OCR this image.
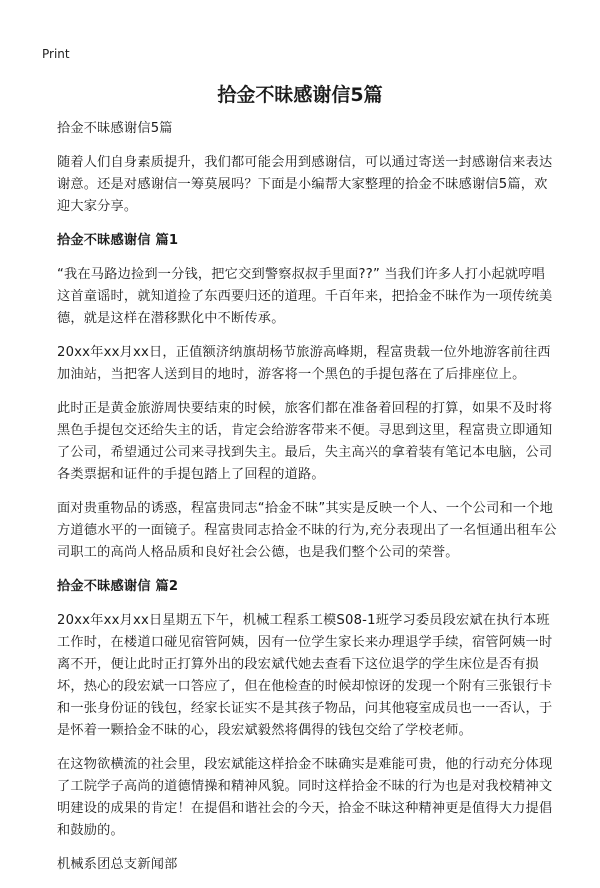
Print
拾金不昧感谢信5篇

拾金不昧感谢信5篇

随着人们自身素质提升，我们都可能会用到感谢信，可以通过寄送一封感谢信来表达谢意。还是对感谢信一筹莫展吗？下面是小编帮大家整理的拾金不昧感谢信5篇，欢迎大家分享。

拾金不昧感谢信 篇1

“我在马路边捡到一分钱，把它交到警察叔叔手里面??” 当我们许多人打小起就哼唱这首童谣时，就知道捡了东西要归还的道理。千百年来，把拾金不昧作为一项传统美德，就是这样在潜移默化中不断传承。

20xx年xx月xx日，正值额济纳旗胡杨节旅游高峰期，程富贵载一位外地游客前往西加油站，当把客人送到目的地时，游客将一个黑色的手提包落在了后排座位上。

此时正是黄金旅游周快要结束的时候，旅客们都在准备着回程的打算，如果不及时将黑色手提包交还给失主的话，肯定会给游客带来不便。寻思到这里，程富贵立即通知了公司，希望通过公司来寻找到失主。最后，失主高兴的拿着装有笔记本电脑，公司各类票据和证件的手提包踏上了回程的道路。

面对贵重物品的诱惑，程富贵同志“拾金不昧”其实是反映一个人、一个公司和一个地方道德水平的一面镜子。程富贵同志拾金不昧的行为,充分表现出了一名恒通出租车公司职工的高尚人格品质和良好社会公德，也是我们整个公司的荣誉。

拾金不昧感谢信 篇2

20xx年xx月xx日星期五下午，机械工程系工模S08-1班学习委员段宏斌在执行本班工作时，在楼道口碰见宿管阿姨，因有一位学生家长来办理退学手续，宿管阿姨一时离不开，便让此时正打算外出的段宏斌代她去查看下这位退学的学生床位是否有损坏，热心的段宏斌一口答应了，但在他检查的时候却惊讶的发现一个附有三张银行卡和一张身份证的钱包，经家长证实不是其孩子物品，问其他寝室成员也一一否认，于是怀着一颗拾金不昧的心，段宏斌毅然将偶得的钱包交给了学校老师。

在这物欲横流的社会里，段宏斌能这样拾金不昧确实是难能可贵，他的行动充分体现了工院学子高尚的道德情操和精神风貌。同时这样拾金不昧的行为也是对我校精神文明建设的成果的肯定！在提倡和谐社会的今天，拾金不昧这种精神更是值得大力提倡和鼓励的。

机械系团总支新闻部
